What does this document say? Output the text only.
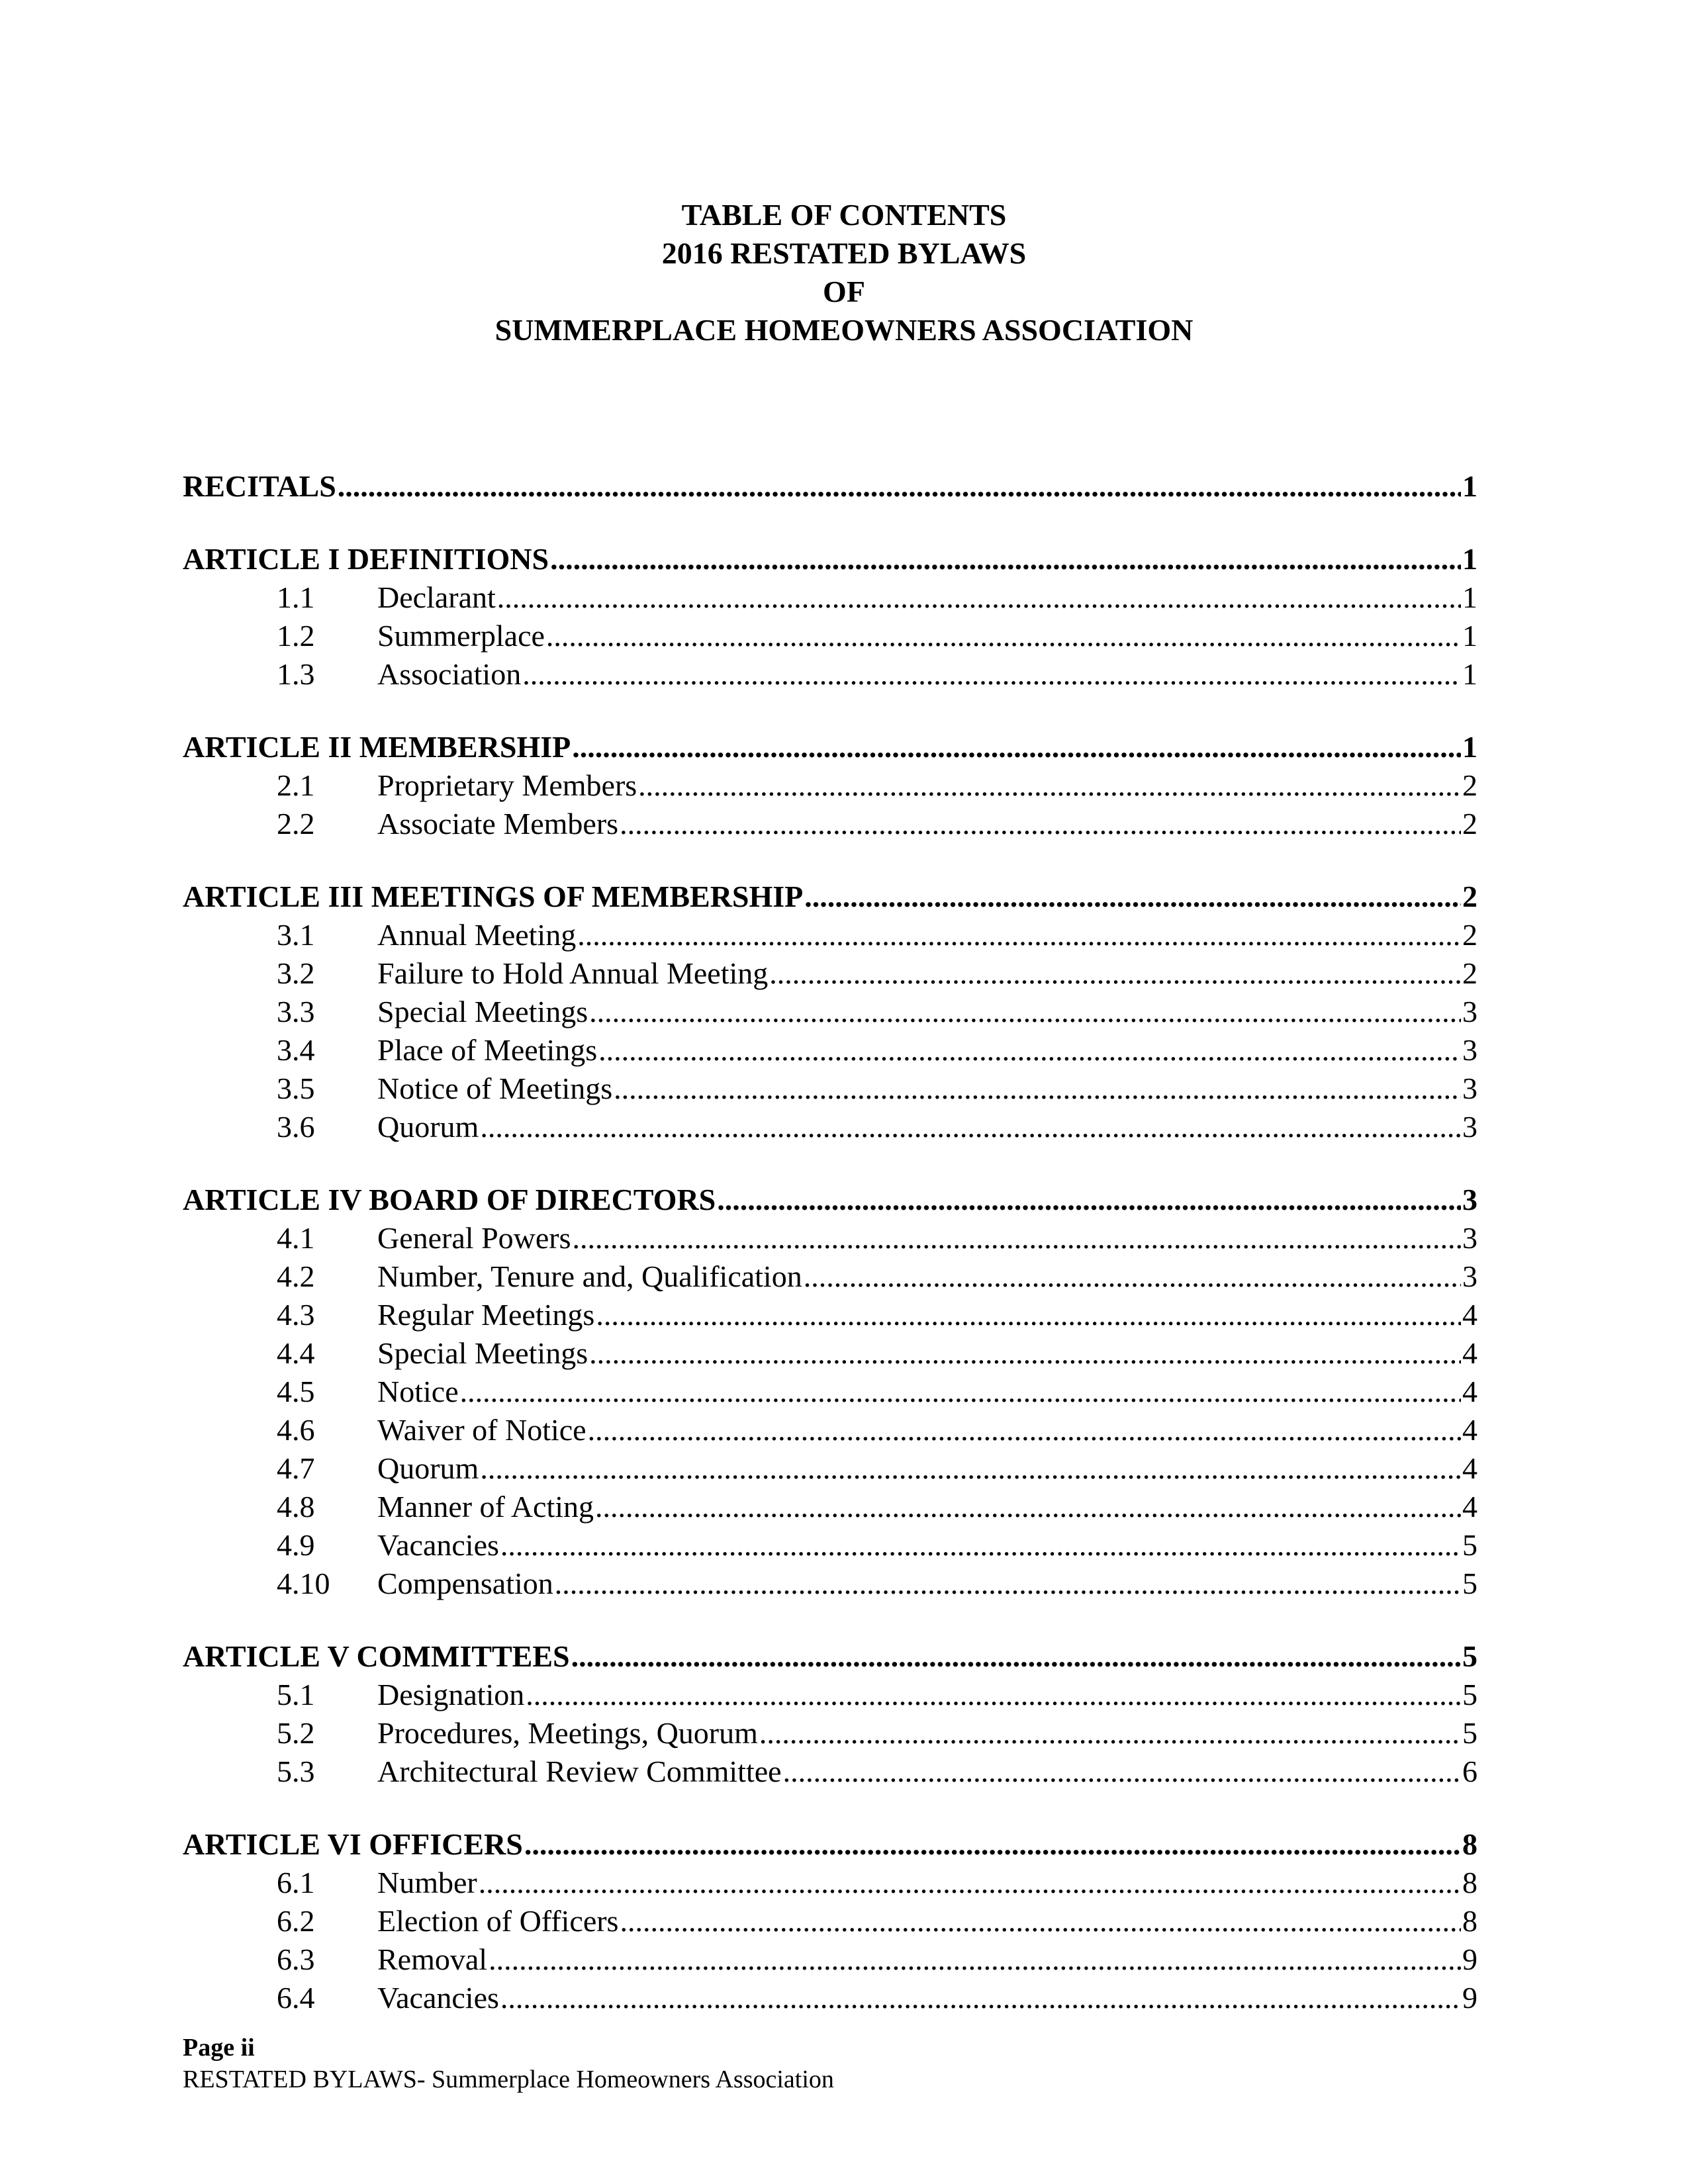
TABLE OF CONTENTS
2016 RESTATED BYLAWS
OF
SUMMERPLACE HOMEOWNERS ASSOCIATION
RECITALS .....	1
ARTICLE I DEFINITIONS .....	1
1.1	Declarant .....	1
1.2	Summerplace .....	1
1.3	Association .....	1
ARTICLE II MEMBERSHIP .....	1
2.1	Proprietary Members .....	2
2.2	Associate Members .....	2
ARTICLE III MEETINGS OF MEMBERSHIP .....	2
3.1	Annual Meeting .....	2
3.2	Failure to Hold Annual Meeting .....	2
3.3	Special Meetings .....	3
3.4	Place of Meetings .....	3
3.5	Notice of Meetings .....	3
3.6	Quorum .....	3
ARTICLE IV BOARD OF DIRECTORS .....	3
4.1	General Powers .....	3
4.2	Number, Tenure and, Qualification .....	3
4.3	Regular Meetings .....	4
4.4	Special Meetings .....	4
4.5	Notice .....	4
4.6	Waiver of Notice .....	4
4.7	Quorum .....	4
4.8	Manner of Acting .....	4
4.9	Vacancies .....	5
4.10	Compensation .....	5
ARTICLE V COMMITTEES .....	5
5.1	Designation .....	5
5.2	Procedures, Meetings, Quorum .....	5
5.3	Architectural Review Committee .....	6
ARTICLE VI OFFICERS .....	8
6.1	Number .....	8
6.2	Election of Officers .....	8
6.3	Removal .....	9
6.4	Vacancies .....	9
Page ii
RESTATED BYLAWS- Summerplace Homeowners Association
